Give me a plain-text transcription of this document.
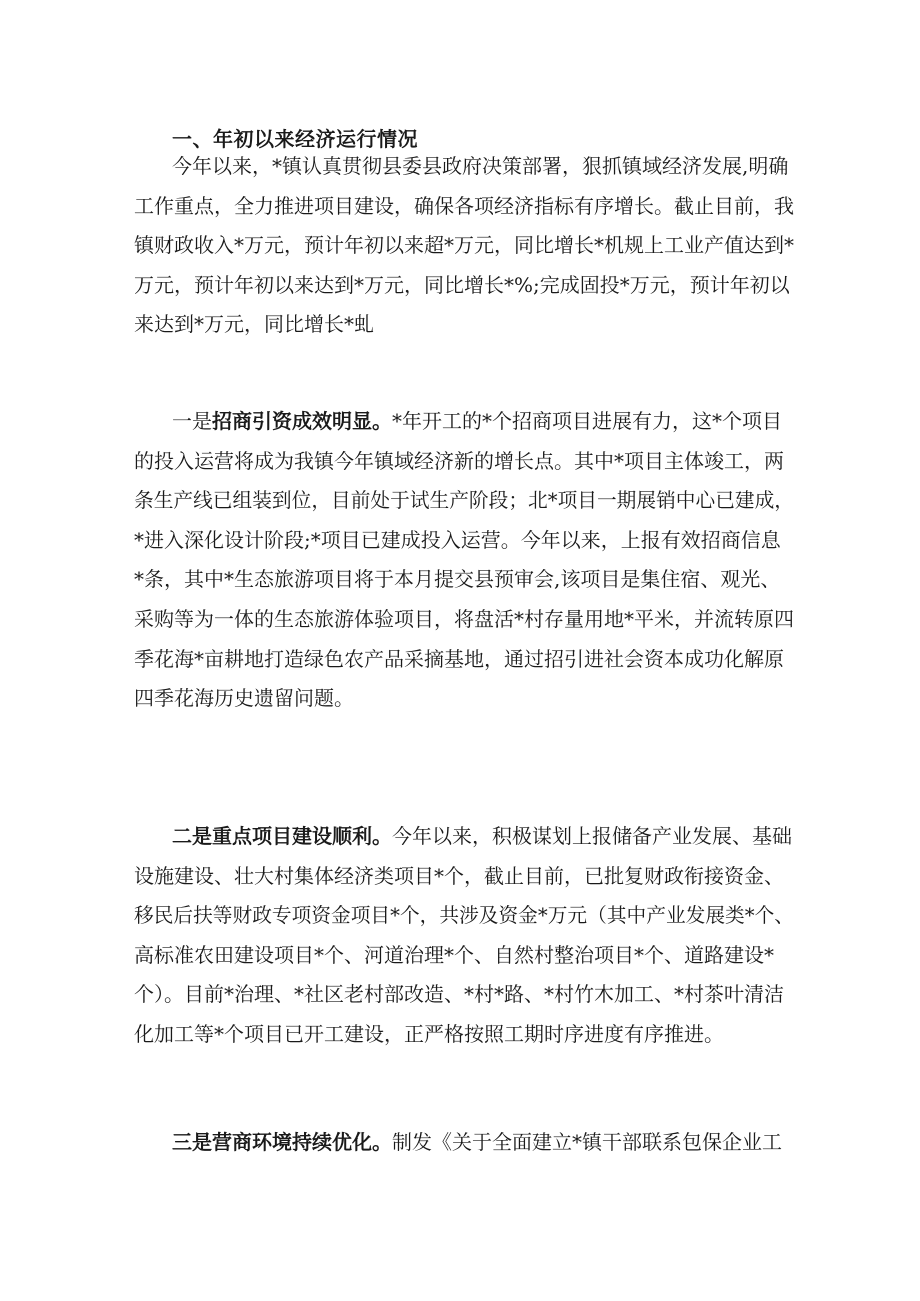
一、年初以来经济运行情况
今年以来，*镇认真贯彻县委县政府决策部署，狠抓镇域经济发展,明确
工作重点，全力推进项目建设，确保各项经济指标有序增长。截止目前，我
镇财政收入*万元，预计年初以来超*万元，同比增长*机规上工业产值达到*
万元，预计年初以来达到*万元，同比增长*%;完成固投*万元，预计年初以
来达到*万元，同比增长*虬
一是招商引资成效明显。*年开工的*个招商项目进展有力，这*个项目
的投入运营将成为我镇今年镇域经济新的增长点。其中*项目主体竣工，两
条生产线已组装到位，目前处于试生产阶段；北*项目一期展销中心已建成，
*进入深化设计阶段;*项目已建成投入运营。今年以来，上报有效招商信息
*条，其中*生态旅游项目将于本月提交县预审会,该项目是集住宿、观光、
采购等为一体的生态旅游体验项目，将盘活*村存量用地*平米，并流转原四
季花海*亩耕地打造绿色农产品采摘基地，通过招引进社会资本成功化解原
四季花海历史遗留问题。
二是重点项目建设顺利。今年以来，积极谋划上报储备产业发展、基础
设施建设、壮大村集体经济类项目*个，截止目前，已批复财政衔接资金、
移民后扶等财政专项资金项目*个，共涉及资金*万元（其中产业发展类*个、
高标准农田建设项目*个、河道治理*个、自然村整治项目*个、道路建设*
个）。目前*治理、*社区老村部改造、*村*路、*村竹木加工、*村茶叶清洁
化加工等*个项目已开工建设，正严格按照工期时序进度有序推进。
三是营商环境持续优化。制发《关于全面建立*镇干部联系包保企业工
